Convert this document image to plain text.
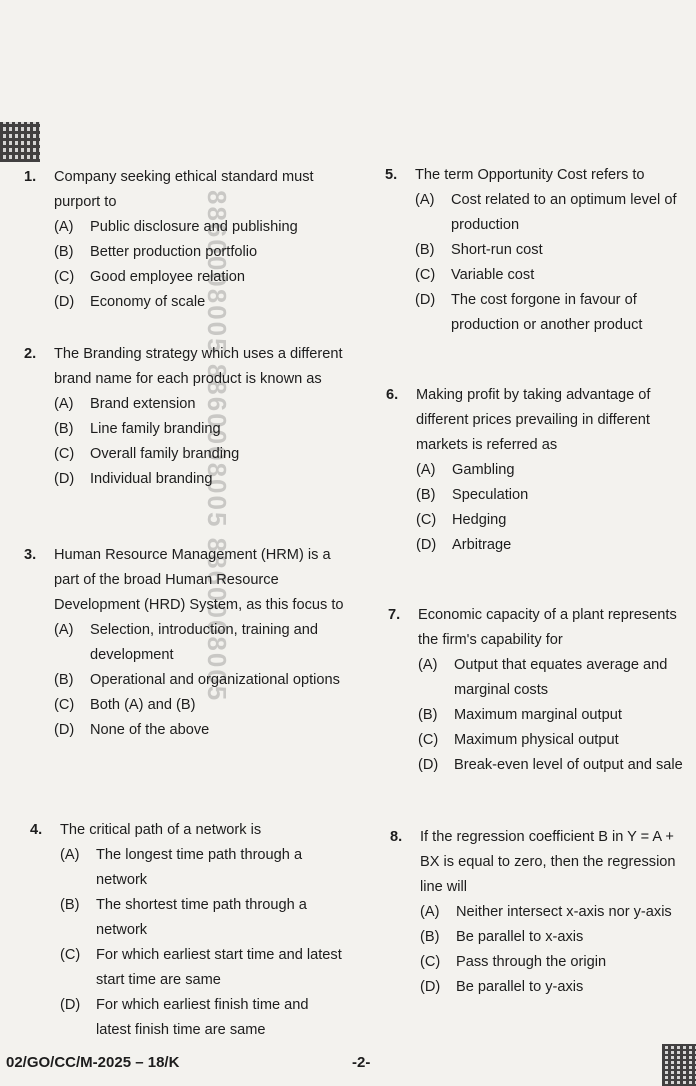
8860008005 8860008005 8860008005
1. Company seeking ethical standard must purport to
(A) Public disclosure and publishing
(B) Better production portfolio
(C) Good employee relation
(D) Economy of scale
2. The Branding strategy which uses a different brand name for each product is known as
(A) Brand extension
(B) Line family branding
(C) Overall family branding
(D) Individual branding
3. Human Resource Management (HRM) is a part of the broad Human Resource Development (HRD) System, as this focus to
(A) Selection, introduction, training and development
(B) Operational and organizational options
(C) Both (A) and (B)
(D) None of the above
4. The critical path of a network is
(A) The longest time path through a network
(B) The shortest time path through a network
(C) For which earliest start time and latest start time are same
(D) For which earliest finish time and latest finish time are same
5. The term Opportunity Cost refers to
(A) Cost related to an optimum level of production
(B) Short-run cost
(C) Variable cost
(D) The cost forgone in favour of production or another product
6. Making profit by taking advantage of different prices prevailing in different markets is referred as
(A) Gambling
(B) Speculation
(C) Hedging
(D) Arbitrage
7. Economic capacity of a plant represents the firm's capability for
(A) Output that equates average and marginal costs
(B) Maximum marginal output
(C) Maximum physical output
(D) Break-even level of output and sale
8. If the regression coefficient B in Y = A + BX is equal to zero, then the regression line will
(A) Neither intersect x-axis nor y-axis
(B) Be parallel to x-axis
(C) Pass through the origin
(D) Be parallel to y-axis
02/GO/CC/M-2025 – 18/K	-2-
